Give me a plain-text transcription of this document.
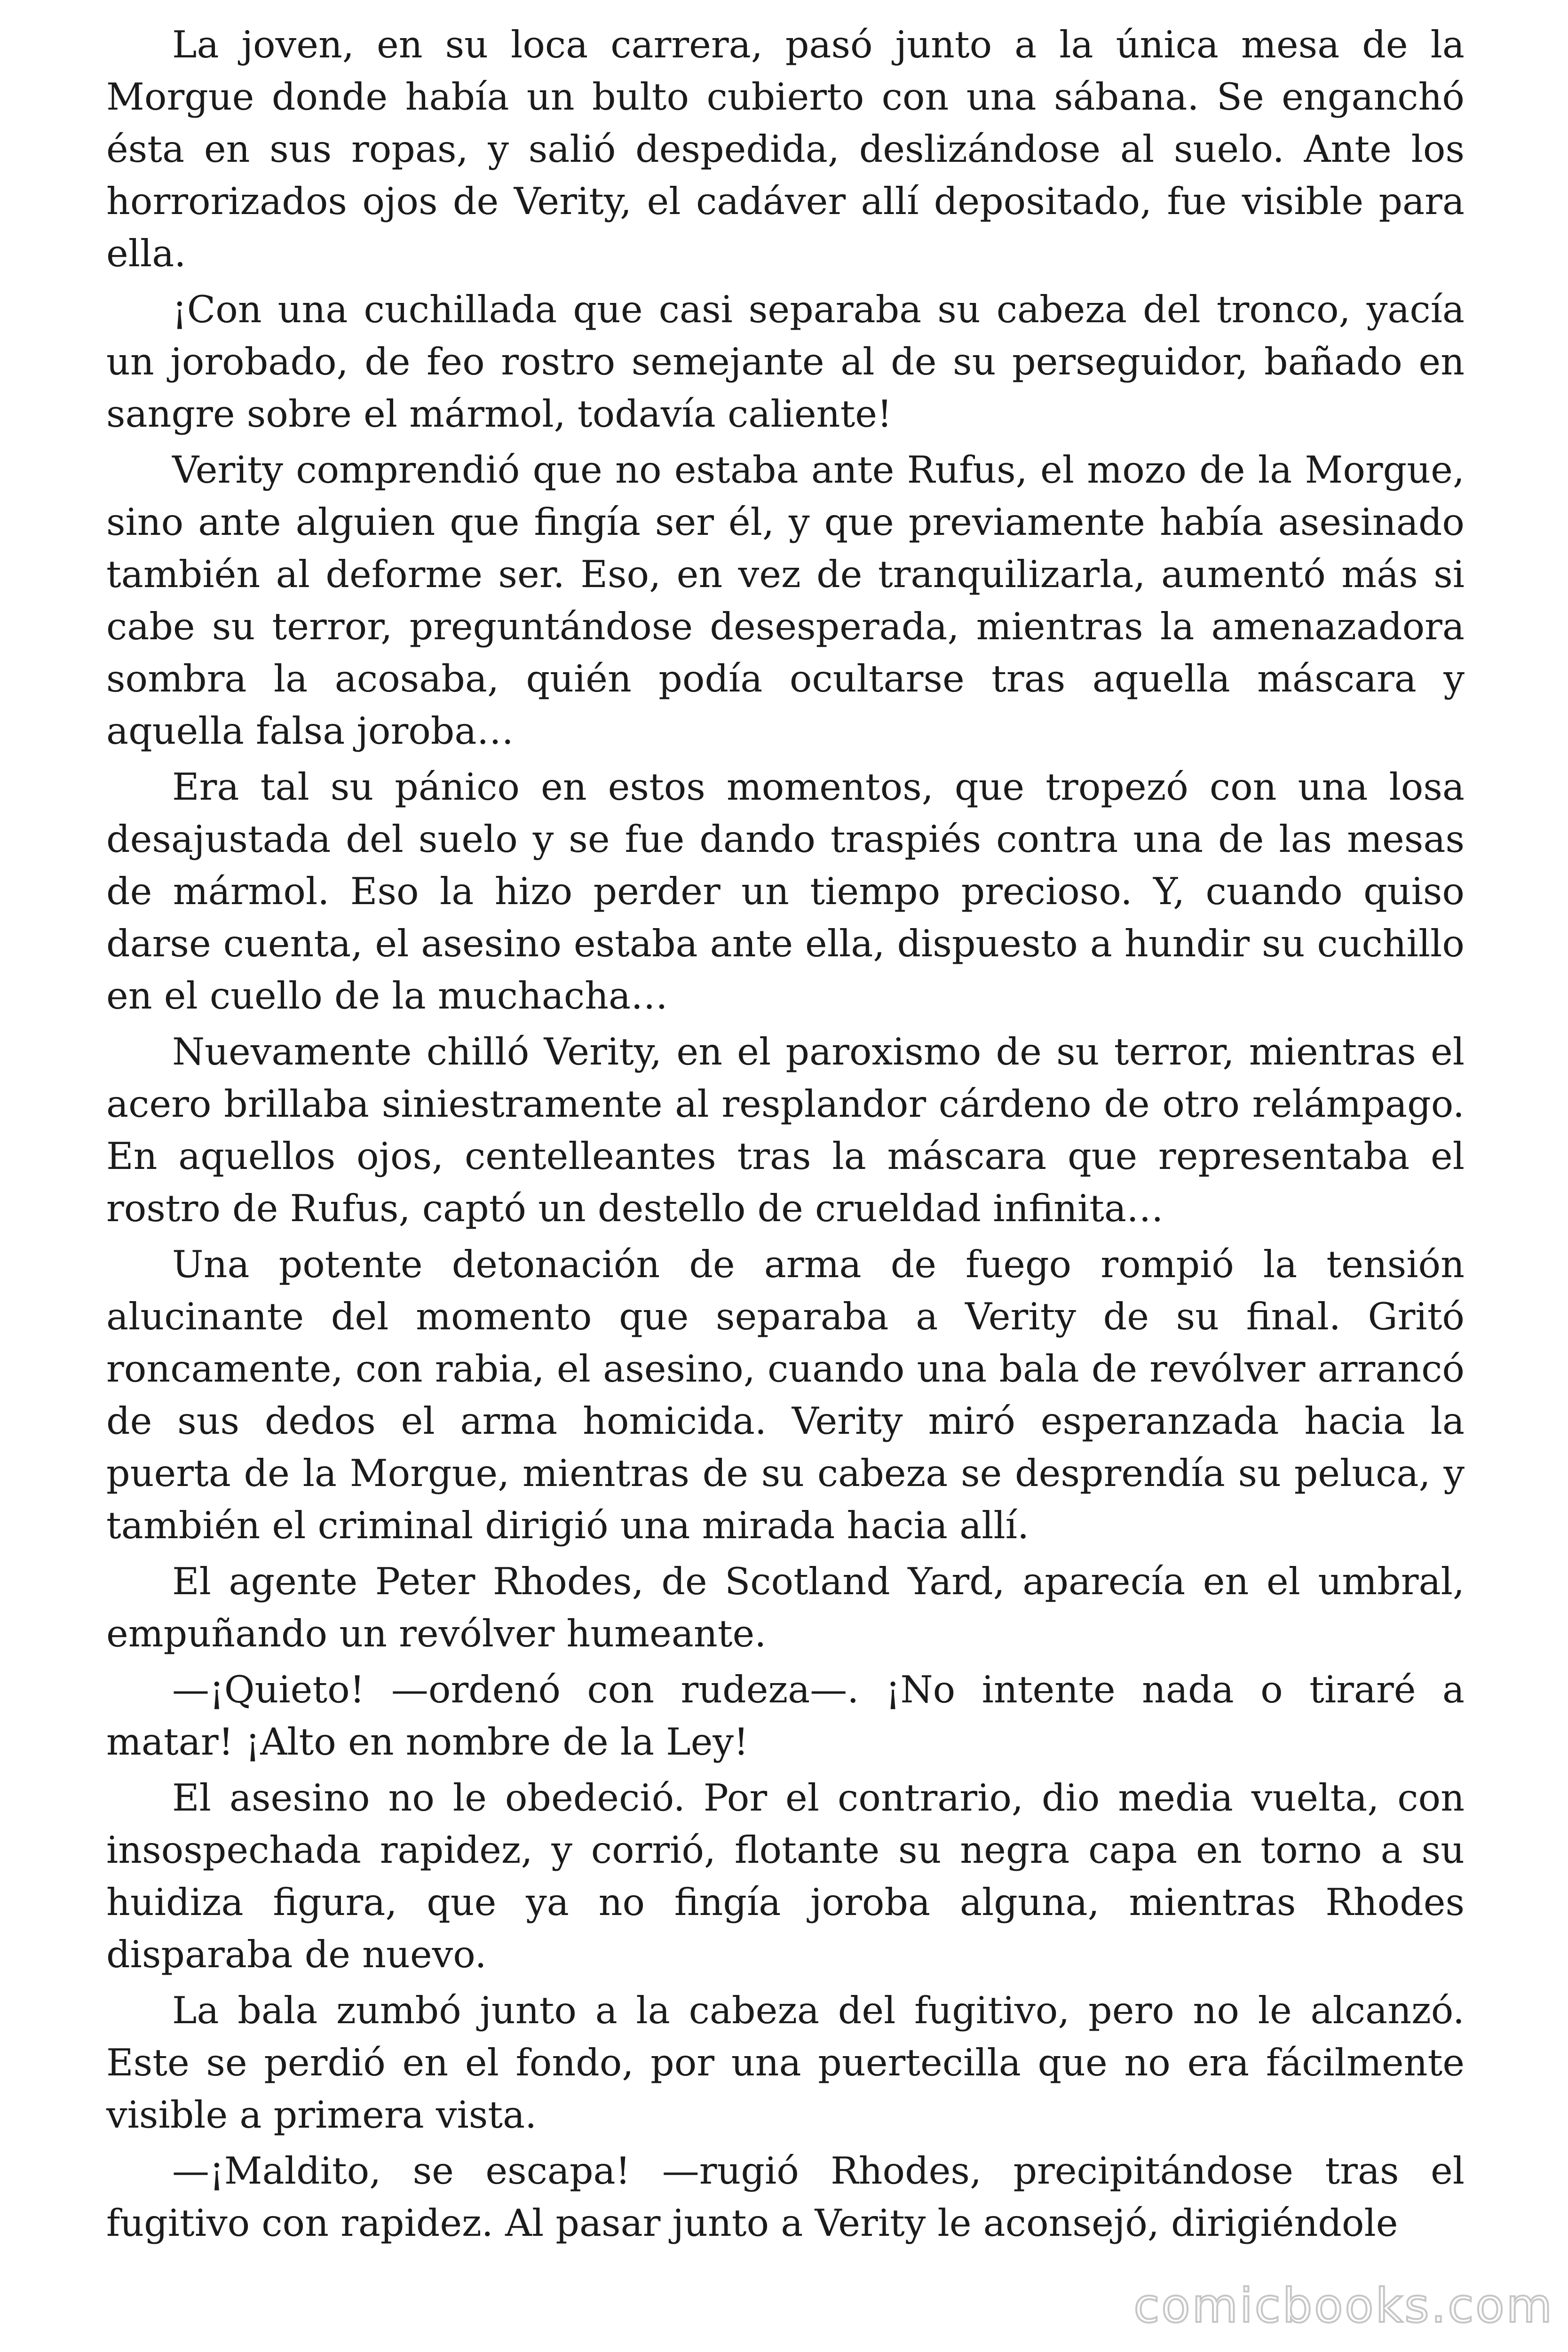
La joven, en su loca carrera, pasó junto a la única mesa de la Morgue donde había un bulto cubierto con una sábana. Se enganchó ésta en sus ropas, y salió despedida, deslizándose al suelo. Ante los horrorizados ojos de Verity, el cadáver allí depositado, fue visible para ella.

¡Con una cuchillada que casi separaba su cabeza del tronco, yacía un jorobado, de feo rostro semejante al de su perseguidor, bañado en sangre sobre el mármol, todavía caliente!

Verity comprendió que no estaba ante Rufus, el mozo de la Morgue, sino ante alguien que fingía ser él, y que previamente había asesinado también al deforme ser. Eso, en vez de tranquilizarla, aumentó más si cabe su terror, preguntándose desesperada, mientras la amenazadora sombra la acosaba, quién podía ocultarse tras aquella máscara y aquella falsa joroba…

Era tal su pánico en estos momentos, que tropezó con una losa desajustada del suelo y se fue dando traspiés contra una de las mesas de mármol. Eso la hizo perder un tiempo precioso. Y, cuando quiso darse cuenta, el asesino estaba ante ella, dispuesto a hundir su cuchillo en el cuello de la muchacha…

Nuevamente chilló Verity, en el paroxismo de su terror, mientras el acero brillaba siniestramente al resplandor cárdeno de otro relámpago. En aquellos ojos, centelleantes tras la máscara que representaba el rostro de Rufus, captó un destello de crueldad infinita…

Una potente detonación de arma de fuego rompió la tensión alucinante del momento que separaba a Verity de su final. Gritó roncamente, con rabia, el asesino, cuando una bala de revólver arrancó de sus dedos el arma homicida. Verity miró esperanzada hacia la puerta de la Morgue, mientras de su cabeza se desprendía su peluca, y también el criminal dirigió una mirada hacia allí.

El agente Peter Rhodes, de Scotland Yard, aparecía en el umbral, empuñando un revólver humeante.

—¡Quieto! —ordenó con rudeza—. ¡No intente nada o tiraré a matar! ¡Alto en nombre de la Ley!

El asesino no le obedeció. Por el contrario, dio media vuelta, con insospechada rapidez, y corrió, flotante su negra capa en torno a su huidiza figura, que ya no fingía joroba alguna, mientras Rhodes disparaba de nuevo.

La bala zumbó junto a la cabeza del fugitivo, pero no le alcanzó. Este se perdió en el fondo, por una puertecilla que no era fácilmente visible a primera vista.

—¡Maldito, se escapa! —rugió Rhodes, precipitándose tras el fugitivo con rapidez. Al pasar junto a Verity le aconsejó, dirigiéndole

comicbooks.com
